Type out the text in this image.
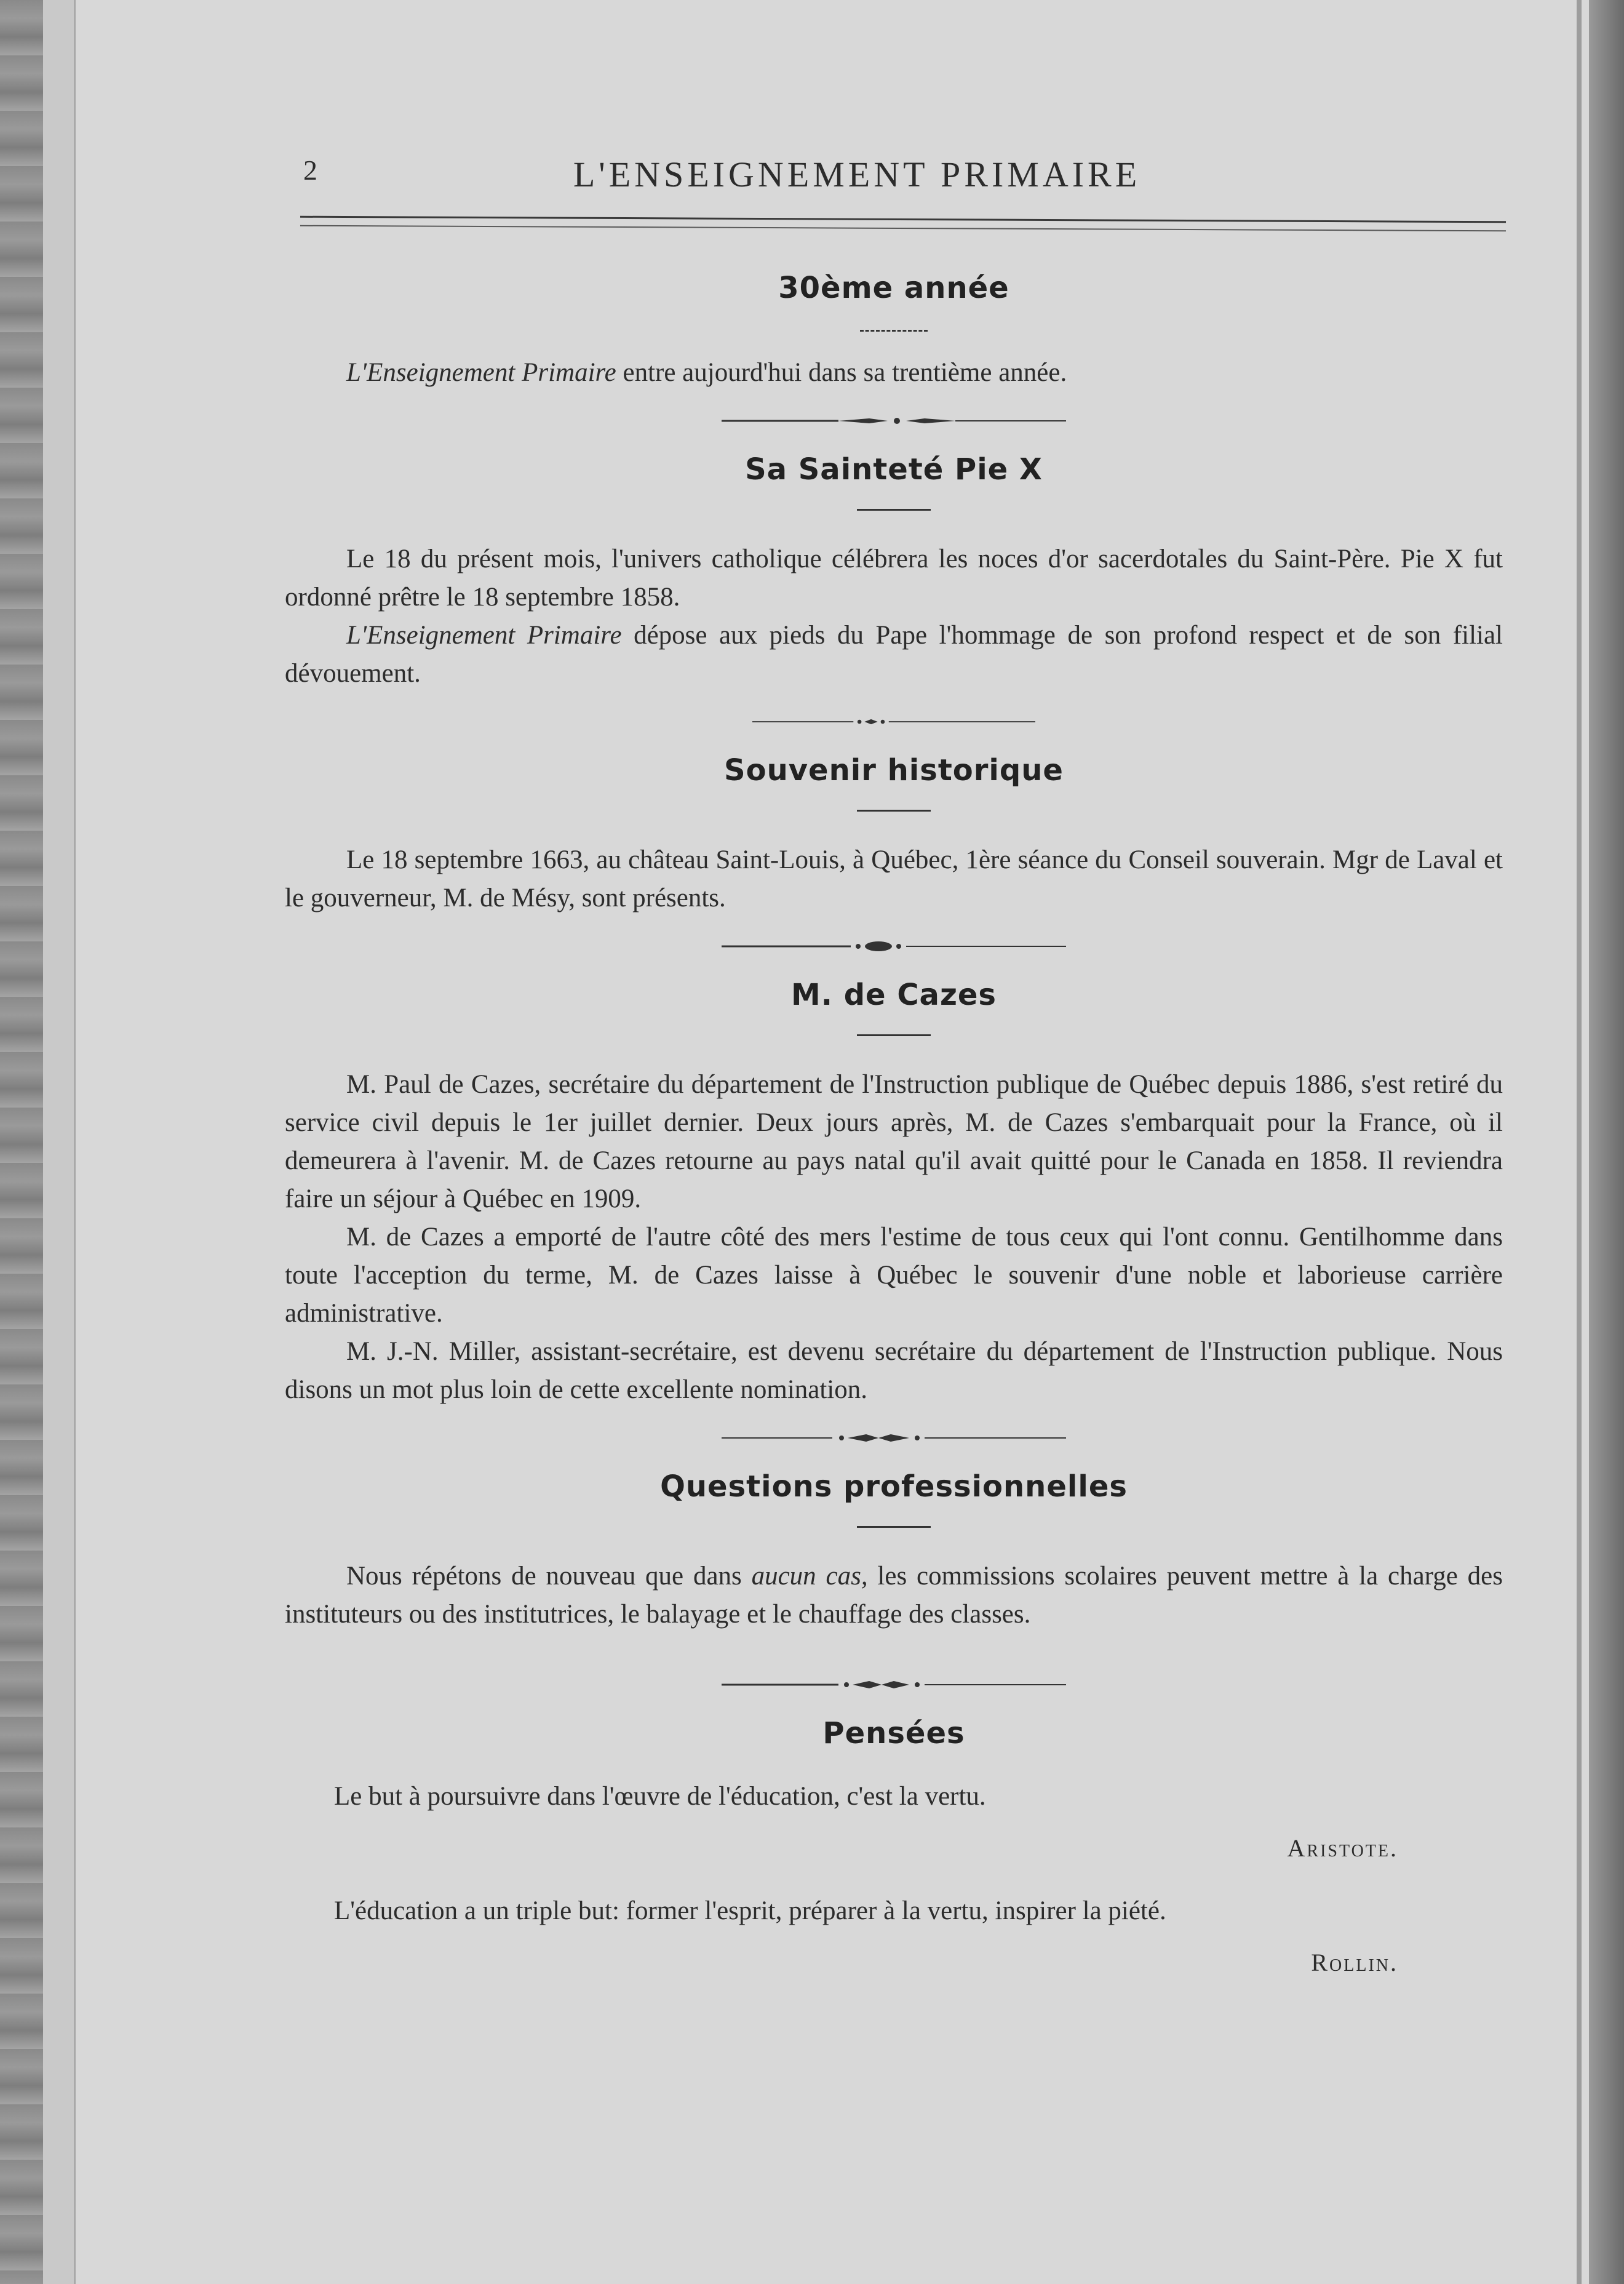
2	L'ENSEIGNEMENT PRIMAIRE
30ème année

L'Enseignement Primaire entre aujourd'hui dans sa trentième année.

Sa Sainteté Pie X

Le 18 du présent mois, l'univers catholique célébrera les noces d'or sacerdotales du Saint-Père. Pie X fut ordonné prêtre le 18 septembre 1858.

L'Enseignement Primaire dépose aux pieds du Pape l'hommage de son profond respect et de son filial dévouement.

Souvenir historique

Le 18 septembre 1663, au château Saint-Louis, à Québec, 1ère séance du Conseil souverain. Mgr de Laval et le gouverneur, M. de Mésy, sont présents.

M. de Cazes

M. Paul de Cazes, secrétaire du département de l'Instruction publique de Québec depuis 1886, s'est retiré du service civil depuis le 1er juillet dernier. Deux jours après, M. de Cazes s'embarquait pour la France, où il demeurera à l'avenir. M. de Cazes retourne au pays natal qu'il avait quitté pour le Canada en 1858. Il reviendra faire un séjour à Québec en 1909.

M. de Cazes a emporté de l'autre côté des mers l'estime de tous ceux qui l'ont connu. Gentilhomme dans toute l'acception du terme, M. de Cazes laisse à Québec le souvenir d'une noble et laborieuse carrière administrative.

M. J.-N. Miller, assistant-secrétaire, est devenu secrétaire du département de l'Instruction publique. Nous disons un mot plus loin de cette excellente nomination.

Questions professionnelles

Nous répétons de nouveau que dans aucun cas, les commissions scolaires peuvent mettre à la charge des instituteurs ou des institutrices, le balayage et le chauffage des classes.

Pensées

Le but à poursuivre dans l'œuvre de l'éducation, c'est la vertu.

Aristote.

L'éducation a un triple but: former l'esprit, préparer à la vertu, inspirer la piété.

Rollin.
